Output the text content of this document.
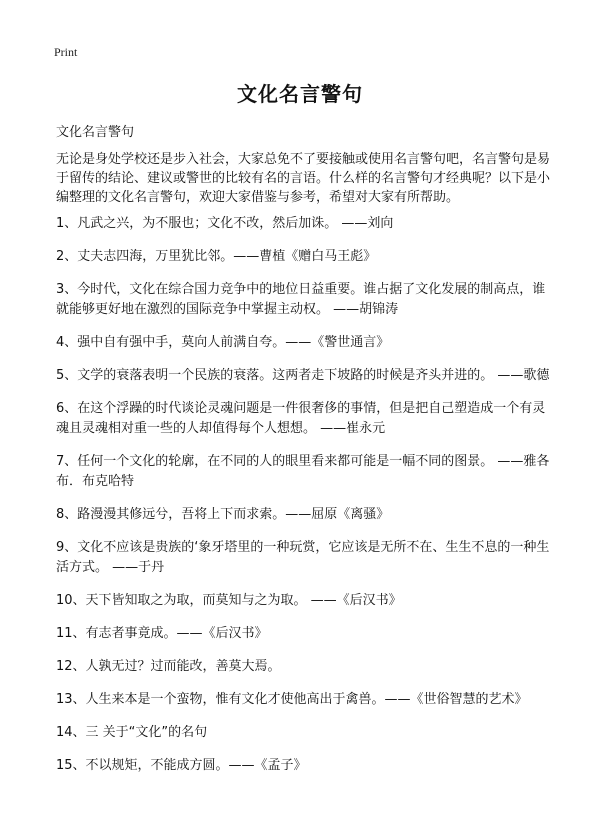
Print
文化名言警句
文化名言警句

无论是身处学校还是步入社会，大家总免不了要接触或使用名言警句吧，名言警句是易于留传的结论、建议或警世的比较有名的言语。什么样的名言警句才经典呢？以下是小编整理的文化名言警句，欢迎大家借鉴与参考，希望对大家有所帮助。

1、凡武之兴，为不服也；文化不改，然后加诛。 ——刘向
2、丈夫志四海，万里犹比邻。——曹植《赠白马王彪》
3、今时代，文化在综合国力竞争中的地位日益重要。谁占据了文化发展的制高点，谁就能够更好地在激烈的国际竞争中掌握主动权。 ——胡锦涛
4、强中自有强中手，莫向人前满自夸。——《警世通言》
5、文学的衰落表明一个民族的衰落。这两者走下坡路的时候是齐头并进的。 ——歌德
6、在这个浮躁的时代谈论灵魂问题是一件很奢侈的事情，但是把自己塑造成一个有灵魂且灵魂相对重一些的人却值得每个人想想。 ——崔永元
7、任何一个文化的轮廓，在不同的人的眼里看来都可能是一幅不同的图景。 ——雅各布．布克哈特
8、路漫漫其修远兮，吾将上下而求索。——屈原《离骚》
9、文化不应该是贵族的‘象牙塔里的一种玩赏，它应该是无所不在、生生不息的一种生活方式。 ——于丹
10、天下皆知取之为取，而莫知与之为取。 ——《后汉书》
11、有志者事竟成。——《后汉书》
12、人孰无过？过而能改，善莫大焉。
13、人生来本是一个蛮物，惟有文化才使他高出于禽兽。——《世俗智慧的艺术》
14、三 关于“文化”的名句
15、不以规矩，不能成方圆。——《孟子》
